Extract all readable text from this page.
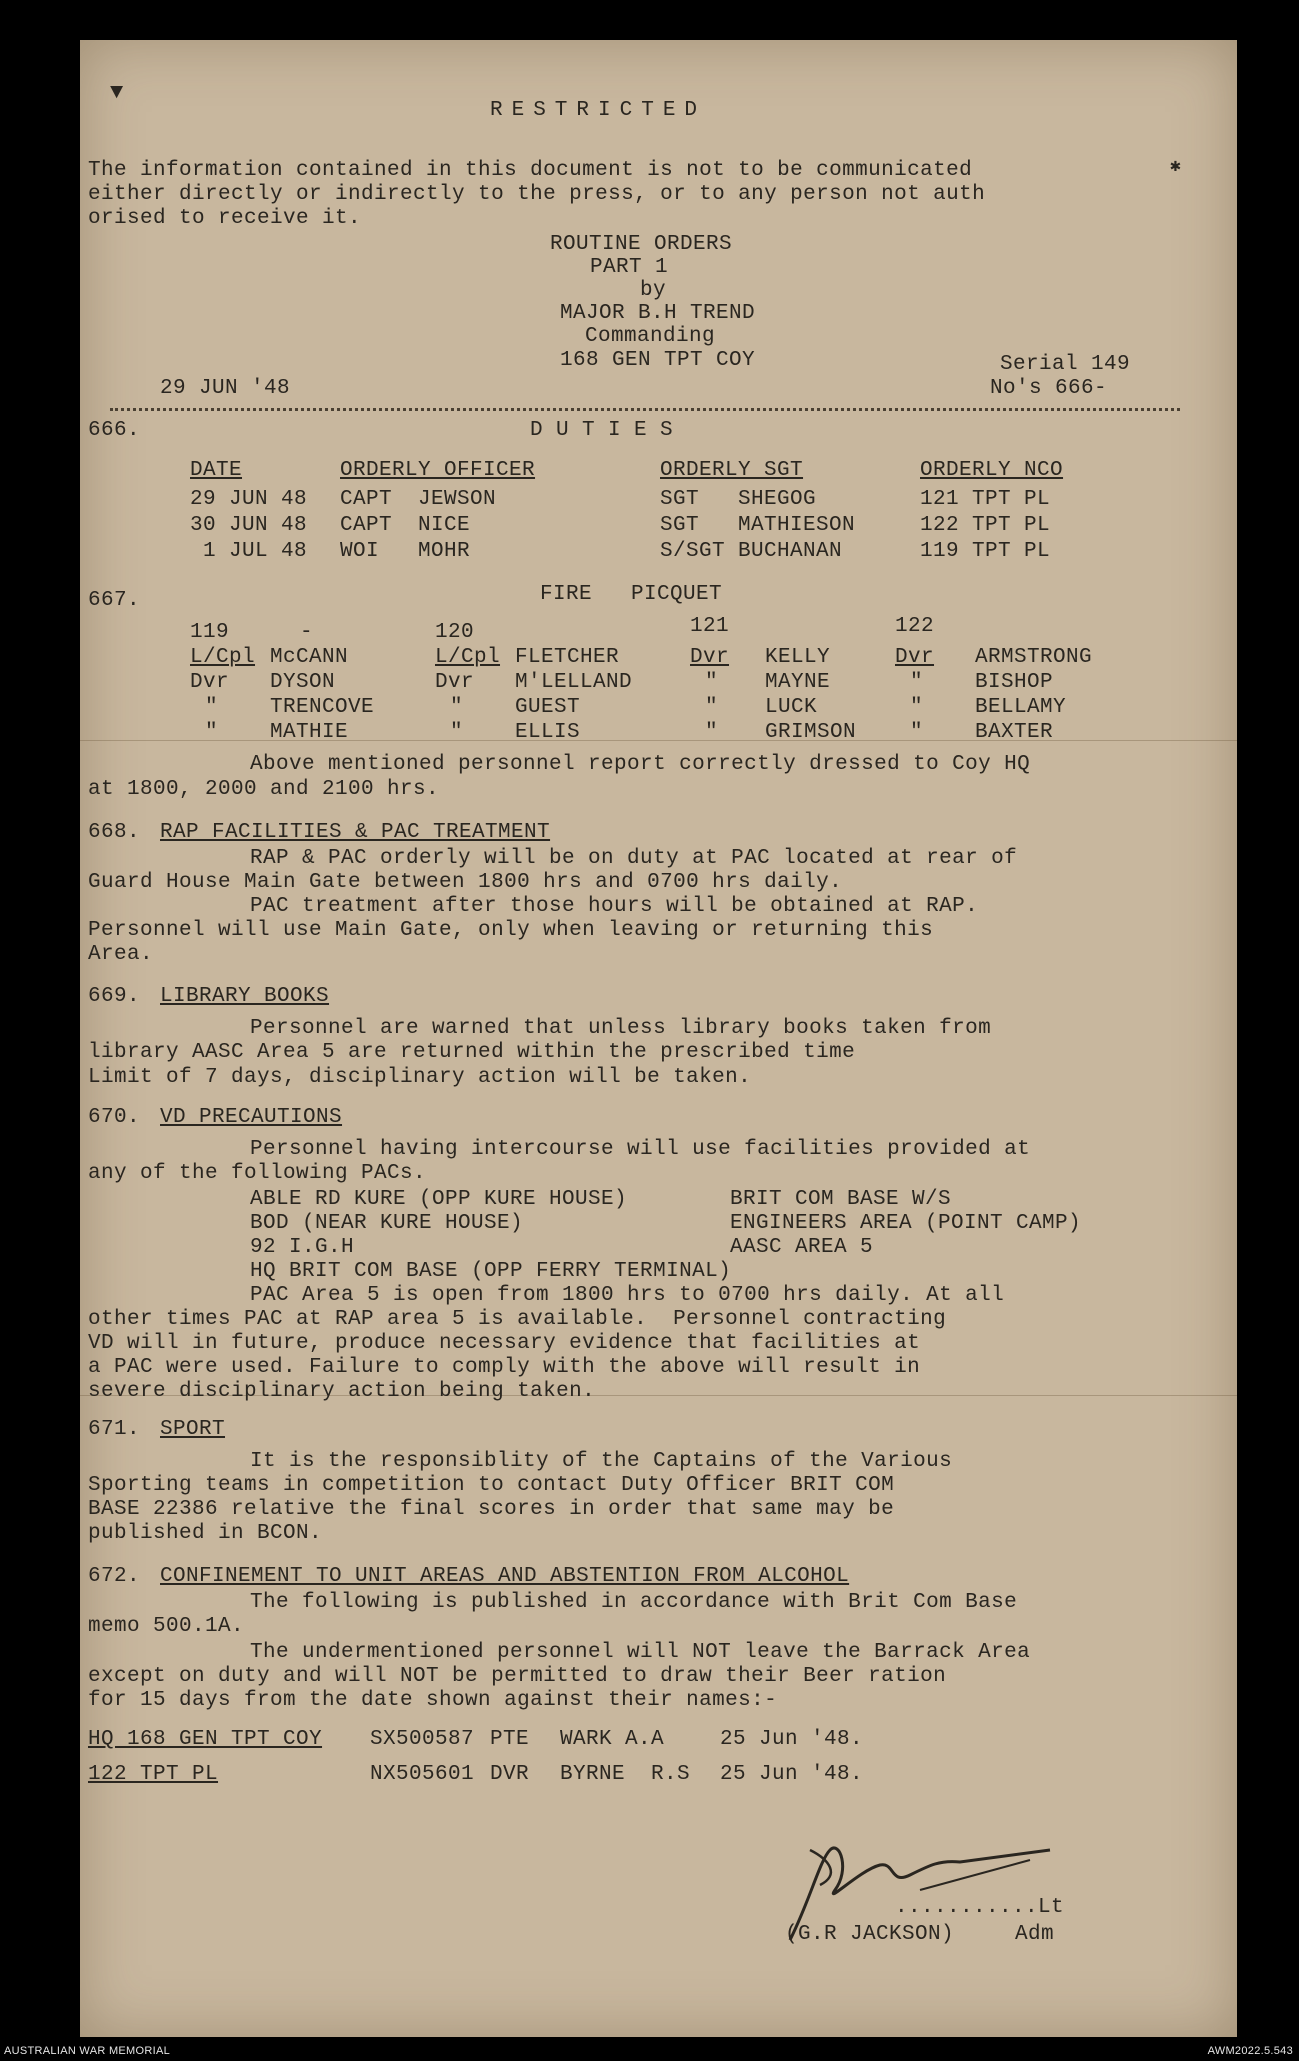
▼
✱
RESTRICTED
The information contained in this document is not to be communicated
either directly or indirectly to the press, or to any person not auth
orised to receive it.
ROUTINE ORDERS
PART 1
by
MAJOR B.H TREND
Commanding
168 GEN TPT COY	Serial 149
29 JUN '48	No's 666-
666.	D U T I E S
DATE	ORDERLY OFFICER	ORDERLY SGT	ORDERLY NCO
29 JUN 48 CAPT  JEWSON	SGT   SHEGOG	121 TPT PL
30 JUN 48 CAPT  NICE	SGT   MATHIESON	122 TPT PL
1 JUL 48 WOI   MOHR	S/SGT BUCHANAN	119 TPT PL
667.	FIRE   PICQUET
119	-	120	121	122
L/Cpl McCANN	L/Cpl FLETCHER	Dvr KELLY	Dvr ARMSTRONG
Dvr DYSON	Dvr M'LELLAND	" MAYNE	" BISHOP
" TRENCOVE	" GUEST	" LUCK	" BELLAMY
" MATHIE	" ELLIS	" GRIMSON	" BAXTER
Above mentioned personnel report correctly dressed to Coy HQ
at 1800, 2000 and 2100 hrs.
668. RAP FACILITIES & PAC TREATMENT
RAP & PAC orderly will be on duty at PAC located at rear of
Guard House Main Gate between 1800 hrs and 0700 hrs daily.
PAC treatment after those hours will be obtained at RAP.
Personnel will use Main Gate, only when leaving or returning this
Area.
669. LIBRARY BOOKS
Personnel are warned that unless library books taken from
library AASC Area 5 are returned within the prescribed time
Limit of 7 days, disciplinary action will be taken.
670. VD PRECAUTIONS
Personnel having intercourse will use facilities provided at
any of the following PACs.
ABLE RD KURE (OPP KURE HOUSE)	BRIT COM BASE W/S
BOD (NEAR KURE HOUSE)	ENGINEERS AREA (POINT CAMP)
92 I.G.H	AASC AREA 5
HQ BRIT COM BASE (OPP FERRY TERMINAL)
PAC Area 5 is open from 1800 hrs to 0700 hrs daily. At all
other times PAC at RAP area 5 is available.  Personnel contracting
VD will in future, produce necessary evidence that facilities at
a PAC were used. Failure to comply with the above will result in
severe disciplinary action being taken.
671. SPORT
It is the responsiblity of the Captains of the Various
Sporting teams in competition to contact Duty Officer BRIT COM
BASE 22386 relative the final scores in order that same may be
published in BCON.
672. CONFINEMENT TO UNIT AREAS AND ABSTENTION FROM ALCOHOL
The following is published in accordance with Brit Com Base
memo 500.1A.
The undermentioned personnel will NOT leave the Barrack Area
except on duty and will NOT be permitted to draw their Beer ration
for 15 days from the date shown against their names:-
HQ 168 GEN TPT COY SX500587 PTE WARK A.A	25 Jun '48.
122 TPT PL	NX505601 DVR BYRNE  R.S 25 Jun '48.
...........Lt
(G.R JACKSON)	Adm
AUSTRALIAN WAR MEMORIAL	AWM2022.5.543
